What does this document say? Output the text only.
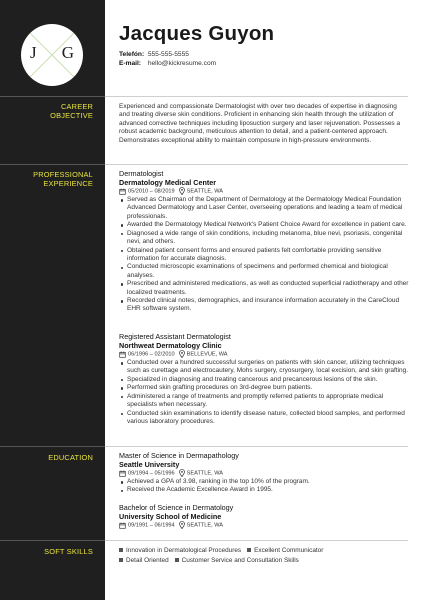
J G
Jacques Guyon
Telefón: 555-555-5555
E-mail: hello@kickresume.com
CAREER
OBJECTIVE
Experienced and compassionate Dermatologist with over two decades of expertise in diagnosing and treating diverse skin conditions. Proficient in enhancing skin health through the utilization of advanced corrective techniques including liposuction surgery and laser rejuvenation. Possesses a robust academic background, meticulous attention to detail, and a patient-centered approach. Demonstrates exceptional ability to maintain composure in high-pressure environments.
PROFESSIONAL
EXPERIENCE
Dermatologist
Dermatology Medical Center
05/2010 – 08/2019 SEATTLE, WA
Served as Chairman of the Department of Dermatology at the Dermatology Medical Foundation Advanced Dermatology and Laser Center, overseeing operations and leading a team of medical professionals.
Awarded the Dermatology Medical Network's Patient Choice Award for excellence in patient care.
Diagnosed a wide range of skin conditions, including melanoma, blue nevi, psoriasis, congenital nevi, and others.
Obtained patient consent forms and ensured patients felt comfortable providing sensitive information for accurate diagnosis.
Conducted microscopic examinations of specimens and performed chemical and biological analyses.
Prescribed and administered medications, as well as conducted superficial radiotherapy and other localized treatments.
Recorded clinical notes, demographics, and insurance information accurately in the CareCloud EHR software system.
Registered Assistant Dermatologist
Northweat Dermatology Clinic
06/1996 – 02/2010 BELLEVUE, WA
Conducted over a hundred successful surgeries on patients with skin cancer, utilizing techniques such as curettage and electrocautery, Mohs surgery, cryosurgery, local excision, and skin grafting.
Specialized in diagnosing and treating cancerous and precancerous lesions of the skin.
Performed skin grafting procedures on 3rd-degree burn patients.
Administered a range of treatments and promptly referred patients to appropriate medical specialists when necessary.
Conducted skin examinations to identify disease nature, collected blood samples, and performed various laboratory procedures.
EDUCATION	Master of Science in Dermapathology
Seattle University
09/1994 – 05/1996 SEATTLE, WA
Achieved a GPA of 3.98, ranking in the top 10% of the program.
Received the Academic Excellence Award in 1995.
Bachelor of Science in Dermatology
University School of Medicine
09/1991 – 06/1994 SEATTLE, WA
SOFT SKILLS	Innovation in Dermatological Procedures Excellent Communicator
Detail Oriented Customer Service and Consultation Skills
